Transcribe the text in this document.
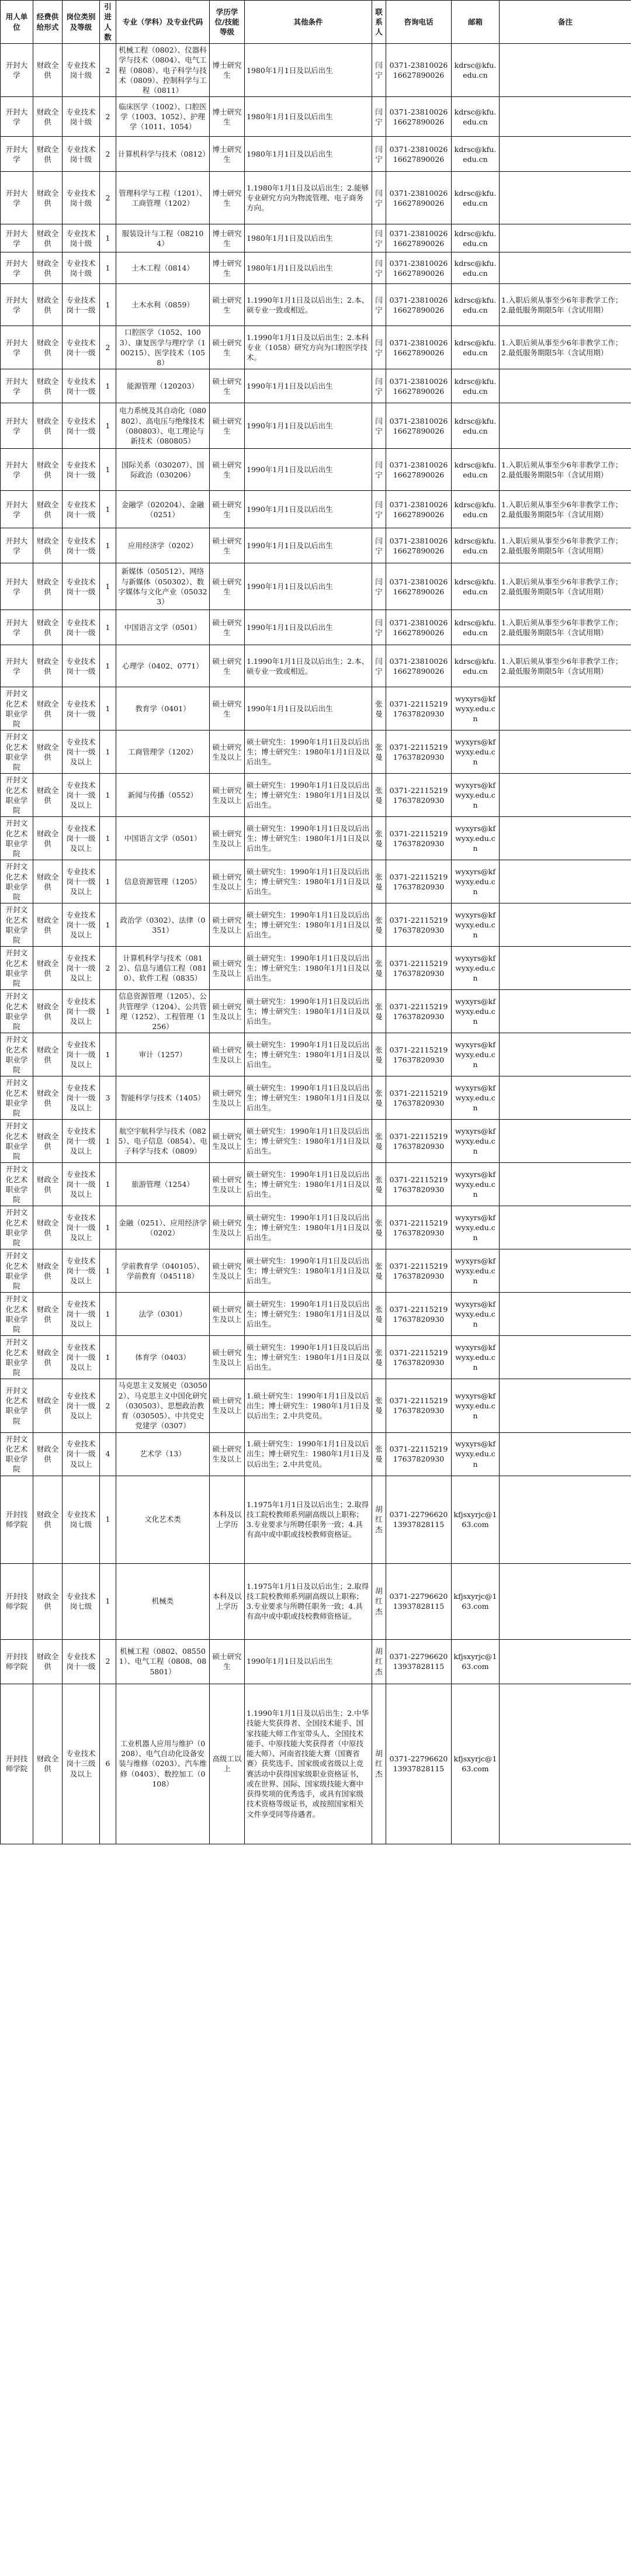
用人单位	经费供给形式	岗位类别及等级	引进人数	专业（学科）及专业代码	学历学位/技能等级	其他条件	联系人	咨询电话	邮箱	备注
开封大学	财政全供	专业技术岗十级	2	机械工程（0802）、仪器科学与技术（0804）、电气工程（0808）、电子科学与技术（0809）、控制科学与工程（0811）	博士研究生	1980年1月1日及以后出生	闫宁	0371-23810026 16627890026	kdrsc@kfu.edu.cn	
开封大学	财政全供	专业技术岗十级	2	临床医学（1002）、口腔医学（1003、1052）、护理学（1011、1054）	博士研究生	1980年1月1日及以后出生	闫宁	0371-23810026 16627890026	kdrsc@kfu.edu.cn	
开封大学	财政全供	专业技术岗十级	2	计算机科学与技术（0812）	博士研究生	1980年1月1日及以后出生	闫宁	0371-23810026 16627890026	kdrsc@kfu.edu.cn	
开封大学	财政全供	专业技术岗十级	2	管理科学与工程（1201）、工商管理（1202）	博士研究生	1.1980年1月1日及以后出生；2.能够专业研究方向为物流管理、电子商务方向。	闫宁	0371-23810026 16627890026	kdrsc@kfu.edu.cn	
开封大学	财政全供	专业技术岗十级	1	服装设计与工程（082104）	博士研究生	1980年1月1日及以后出生	闫宁	0371-23810026 16627890026	kdrsc@kfu.edu.cn	
开封大学	财政全供	专业技术岗十级	1	土木工程（0814）	博士研究生	1980年1月1日及以后出生	闫宁	0371-23810026 16627890026	kdrsc@kfu.edu.cn	
开封大学	财政全供	专业技术岗十一级	1	土木水利（0859）	硕士研究生	1.1990年1月1日及以后出生；2.本、硕专业一致或相近。	闫宁	0371-23810026 16627890026	kdrsc@kfu.edu.cn	1.入职后须从事至少6年非教学工作；2.最低服务期限5年（含试用期）
开封大学	财政全供	专业技术岗十一级	2	口腔医学（1052、1003）、康复医学与理疗学（100215）、医学技术（1058）	硕士研究生	1.1990年1月1日及以后出生；2.本科专业（1058）研究方向为口腔医学技术。	闫宁	0371-23810026 16627890026	kdrsc@kfu.edu.cn	1.入职后须从事至少6年非教学工作；2.最低服务期限5年（含试用期）
开封大学	财政全供	专业技术岗十一级	1	能源管理（120203）	硕士研究生	1990年1月1日及以后出生	闫宁	0371-23810026 16627890026	kdrsc@kfu.edu.cn	
开封大学	财政全供	专业技术岗十一级	1	电力系统及其自动化（080802）、高电压与绝缘技术（080803）、电工理论与新技术（080805）	硕士研究生	1990年1月1日及以后出生	闫宁	0371-23810026 16627890026	kdrsc@kfu.edu.cn	
开封大学	财政全供	专业技术岗十一级	1	国际关系（030207）、国际政治（030206）	硕士研究生	1990年1月1日及以后出生	闫宁	0371-23810026 16627890026	kdrsc@kfu.edu.cn	1.入职后须从事至少6年非教学工作；2.最低服务期限5年（含试用期）
开封大学	财政全供	专业技术岗十一级	1	金融学（020204）、金融（0251）	硕士研究生	1990年1月1日及以后出生	闫宁	0371-23810026 16627890026	kdrsc@kfu.edu.cn	1.入职后须从事至少6年非教学工作；2.最低服务期限5年（含试用期）
开封大学	财政全供	专业技术岗十一级	1	应用经济学（0202）	硕士研究生	1990年1月1日及以后出生	闫宁	0371-23810026 16627890026	kdrsc@kfu.edu.cn	1.入职后须从事至少6年非教学工作；2.最低服务期限5年（含试用期）
开封大学	财政全供	专业技术岗十一级	1	新媒体（050512）、网络与新媒体（050302）、数字媒体与文化产业（050323）	硕士研究生	1990年1月1日及以后出生	闫宁	0371-23810026 16627890026	kdrsc@kfu.edu.cn	1.入职后须从事至少6年非教学工作；2.最低服务期限5年（含试用期）
开封大学	财政全供	专业技术岗十一级	1	中国语言文学（0501）	硕士研究生	1990年1月1日及以后出生	闫宁	0371-23810026 16627890026	kdrsc@kfu.edu.cn	1.入职后须从事至少6年非教学工作；2.最低服务期限5年（含试用期）
开封大学	财政全供	专业技术岗十一级	1	心理学（0402、0771）	硕士研究生	1.1990年1月1日及以后出生；2.本、硕专业一致或相近。	闫宁	0371-23810026 16627890026	kdrsc@kfu.edu.cn	1.入职后须从事至少6年非教学工作；2.最低服务期限5年（含试用期）
开封文化艺术职业学院	财政全供	专业技术岗十一级	1	教育学（0401）	硕士研究生	1990年1月1日及以后出生	张曼	0371-22115219 17637820930	wyxyrs@kfwyxy.edu.cn	
开封文化艺术职业学院	财政全供	专业技术岗十一级及以上	1	工商管理学（1202）	硕士研究生及以上	硕士研究生：1990年1月1日及以后出生；博士研究生：1980年1月1日及以后出生。	张曼	0371-22115219 17637820930	wyxyrs@kfwyxy.edu.cn	
开封文化艺术职业学院	财政全供	专业技术岗十一级及以上	1	新闻与传播（0552）	硕士研究生及以上	硕士研究生：1990年1月1日及以后出生；博士研究生：1980年1月1日及以后出生。	张曼	0371-22115219 17637820930	wyxyrs@kfwyxy.edu.cn	
开封文化艺术职业学院	财政全供	专业技术岗十一级及以上	1	中国语言文学（0501）	硕士研究生及以上	硕士研究生：1990年1月1日及以后出生；博士研究生：1980年1月1日及以后出生。	张曼	0371-22115219 17637820930	wyxyrs@kfwyxy.edu.cn	
开封文化艺术职业学院	财政全供	专业技术岗十一级及以上	1	信息资源管理（1205）	硕士研究生及以上	硕士研究生：1990年1月1日及以后出生；博士研究生：1980年1月1日及以后出生。	张曼	0371-22115219 17637820930	wyxyrs@kfwyxy.edu.cn	
开封文化艺术职业学院	财政全供	专业技术岗十一级及以上	1	政治学（0302）、法律（0351）	硕士研究生及以上	硕士研究生：1990年1月1日及以后出生；博士研究生：1980年1月1日及以后出生。	张曼	0371-22115219 17637820930	wyxyrs@kfwyxy.edu.cn	
开封文化艺术职业学院	财政全供	专业技术岗十一级及以上	2	计算机科学与技术（0812）、信息与通信工程（0810）、软件工程（0835）	硕士研究生及以上	硕士研究生：1990年1月1日及以后出生；博士研究生：1980年1月1日及以后出生。	张曼	0371-22115219 17637820930	wyxyrs@kfwyxy.edu.cn	
开封文化艺术职业学院	财政全供	专业技术岗十一级及以上	1	信息资源管理（1205）、公共管理学（1204）、公共管理（1252）、工程管理（1256）	硕士研究生及以上	硕士研究生：1990年1月1日及以后出生；博士研究生：1980年1月1日及以后出生。	张曼	0371-22115219 17637820930	wyxyrs@kfwyxy.edu.cn	
开封文化艺术职业学院	财政全供	专业技术岗十一级及以上	1	审计（1257）	硕士研究生及以上	硕士研究生：1990年1月1日及以后出生；博士研究生：1980年1月1日及以后出生。	张曼	0371-22115219 17637820930	wyxyrs@kfwyxy.edu.cn	
开封文化艺术职业学院	财政全供	专业技术岗十一级及以上	3	智能科学与技术（1405）	硕士研究生及以上	硕士研究生：1990年1月1日及以后出生；博士研究生：1980年1月1日及以后出生。	张曼	0371-22115219 17637820930	wyxyrs@kfwyxy.edu.cn	
开封文化艺术职业学院	财政全供	专业技术岗十一级及以上	1	航空宇航科学与技术（0825）、电子信息（0854）、电子科学与技术（0809）	硕士研究生及以上	硕士研究生：1990年1月1日及以后出生；博士研究生：1980年1月1日及以后出生。	张曼	0371-22115219 17637820930	wyxyrs@kfwyxy.edu.cn	
开封文化艺术职业学院	财政全供	专业技术岗十一级及以上	1	旅游管理（1254）	硕士研究生及以上	硕士研究生：1990年1月1日及以后出生；博士研究生：1980年1月1日及以后出生。	张曼	0371-22115219 17637820930	wyxyrs@kfwyxy.edu.cn	
开封文化艺术职业学院	财政全供	专业技术岗十一级及以上	1	金融（0251）、应用经济学（0202）	硕士研究生及以上	硕士研究生：1990年1月1日及以后出生；博士研究生：1980年1月1日及以后出生。	张曼	0371-22115219 17637820930	wyxyrs@kfwyxy.edu.cn	
开封文化艺术职业学院	财政全供	专业技术岗十一级及以上	1	学前教育学（040105）、学前教育（045118）	硕士研究生及以上	硕士研究生：1990年1月1日及以后出生；博士研究生：1980年1月1日及以后出生。	张曼	0371-22115219 17637820930	wyxyrs@kfwyxy.edu.cn	
开封文化艺术职业学院	财政全供	专业技术岗十一级及以上	1	法学（0301）	硕士研究生及以上	硕士研究生：1990年1月1日及以后出生；博士研究生：1980年1月1日及以后出生。	张曼	0371-22115219 17637820930	wyxyrs@kfwyxy.edu.cn	
开封文化艺术职业学院	财政全供	专业技术岗十一级及以上	1	体育学（0403）	硕士研究生及以上	硕士研究生：1990年1月1日及以后出生；博士研究生：1980年1月1日及以后出生。	张曼	0371-22115219 17637820930	wyxyrs@kfwyxy.edu.cn	
开封文化艺术职业学院	财政全供	专业技术岗十一级及以上	2	马克思主义发展史（030502）、马克思主义中国化研究（030503）、思想政治教育（030505）、中共党史党建学（0307）	硕士研究生及以上	1.硕士研究生：1990年1月1日及以后出生；博士研究生：1980年1月1日及以后出生；2.中共党员。	张曼	0371-22115219 17637820930	wyxyrs@kfwyxy.edu.cn	
开封文化艺术职业学院	财政全供	专业技术岗十一级及以上	4	艺术学（13）	硕士研究生及以上	1.硕士研究生：1990年1月1日及以后出生；博士研究生：1980年1月1日及以后出生；2.中共党员。	张曼	0371-22115219 17637820930	wyxyrs@kfwyxy.edu.cn	
开封技师学院	财政全供	专业技术岗七级	1	文化艺术类	本科及以上学历	1.1975年1月1日及以后出生；2.取得技工院校教师系列副高级以上职称；3.专业要求与所聘任职务一致；4.具有高中或中职或技校教师资格证。	胡红杰	0371-22796620 13937828115	kfjsxyrjc@163.com	
开封技师学院	财政全供	专业技术岗七级	1	机械类	本科及以上学历	1.1975年1月1日及以后出生；2.取得技工院校教师系列副高级以上职称；3.专业要求与所聘任职务一致；4.具有高中或中职或技校教师资格证。	胡红杰	0371-22796620 13937828115	kfjsxyrjc@163.com	
开封技师学院	财政全供	专业技术岗十一级	2	机械工程（0802、085501）、电气工程（0808、085801）	硕士研究生	1990年1月1日及以后出生	胡红杰	0371-22796620 13937828115	kfjsxyrjc@163.com	
开封技师学院	财政全供	专业技术岗十三级及以上	6	工业机器人应用与维护（0208）、电气自动化设备安装与维修（0203）、汽车维修（0403）、数控加工（0108）	高级工以上	1.1990年1月1日及以后出生；2.中华技能大奖获得者、全国技术能手、国家技能大师工作室带头人、全国技术能手、中原技能大奖获得者（中原技能大师）、河南省技能大赛（国赛省赛）获奖选手、国家级或省级以上竞赛活动中获得国家级职业资格证书，或在世界、国际、国家级技能大赛中获得奖项的优秀选手，或具有国家级技术资格等级证书，或按照国家相关文件享受同等待遇者。	胡红杰	0371-22796620 13937828115	kfjsxyrjc@163.com	
